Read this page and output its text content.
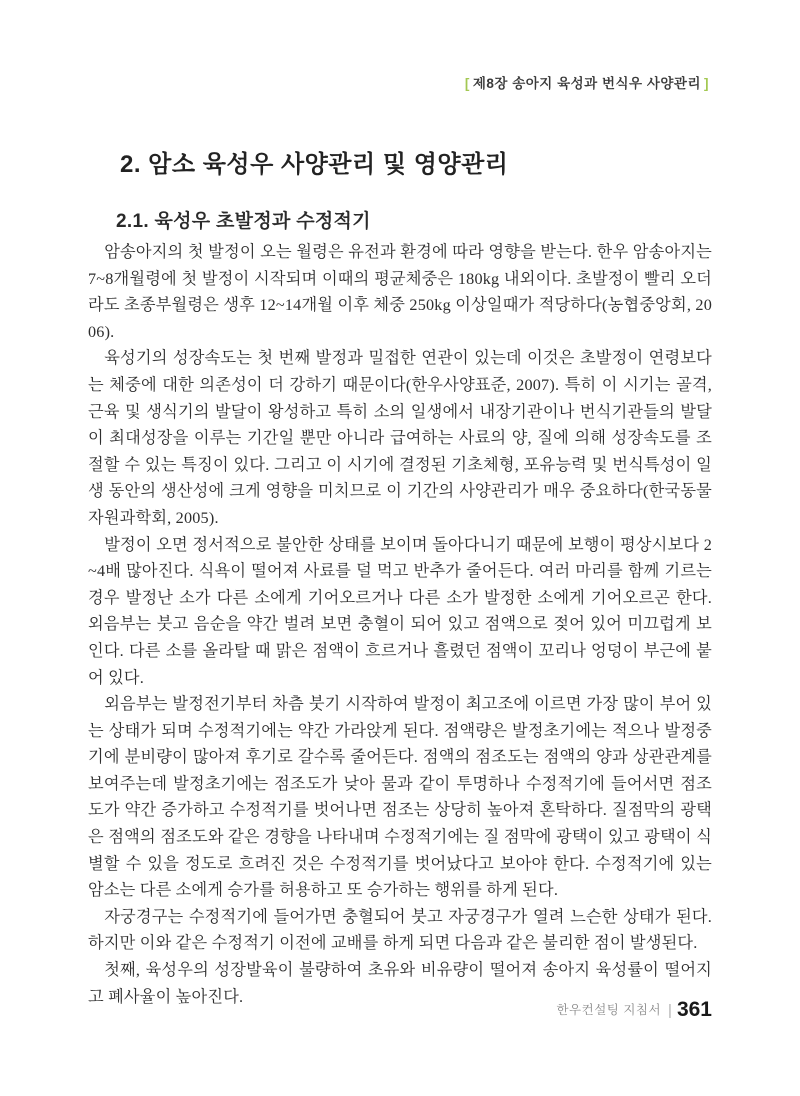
[ 제8장 송아지 육성과 번식우 사양관리 ]
2. 암소 육성우 사양관리 및 영양관리
2.1. 육성우 초발정과 수정적기

암송아지의 첫 발정이 오는 월령은 유전과 환경에 따라 영향을 받는다. 한우 암송아지는 7~8개월령에 첫 발정이 시작되며 이때의 평균체중은 180kg 내외이다. 초발정이 빨리 오더라도 초종부월령은 생후 12~14개월 이후 체중 250kg 이상일때가 적당하다(농협중앙회, 2006).

육성기의 성장속도는 첫 번째 발정과 밀접한 연관이 있는데 이것은 초발정이 연령보다는 체중에 대한 의존성이 더 강하기 때문이다(한우사양표준, 2007). 특히 이 시기는 골격, 근육 및 생식기의 발달이 왕성하고 특히 소의 일생에서 내장기관이나 번식기관들의 발달이 최대성장을 이루는 기간일 뿐만 아니라 급여하는 사료의 양, 질에 의해 성장속도를 조절할 수 있는 특징이 있다. 그리고 이 시기에 결정된 기초체형, 포유능력 및 번식특성이 일생 동안의 생산성에 크게 영향을 미치므로 이 기간의 사양관리가 매우 중요하다(한국동물자원과학회, 2005).

발정이 오면 정서적으로 불안한 상태를 보이며 돌아다니기 때문에 보행이 평상시보다 2~4배 많아진다. 식욕이 떨어져 사료를 덜 먹고 반추가 줄어든다. 여러 마리를 함께 기르는 경우 발정난 소가 다른 소에게 기어오르거나 다른 소가 발정한 소에게 기어오르곤 한다. 외음부는 붓고 음순을 약간 벌려 보면 충혈이 되어 있고 점액으로 젖어 있어 미끄럽게 보인다. 다른 소를 올라탈 때 맑은 점액이 흐르거나 흘렸던 점액이 꼬리나 엉덩이 부근에 붙어 있다.

외음부는 발정전기부터 차츰 붓기 시작하여 발정이 최고조에 이르면 가장 많이 부어 있는 상태가 되며 수정적기에는 약간 가라앉게 된다. 점액량은 발정초기에는 적으나 발정중기에 분비량이 많아져 후기로 갈수록 줄어든다. 점액의 점조도는 점액의 양과 상관관계를 보여주는데 발정초기에는 점조도가 낮아 물과 같이 투명하나 수정적기에 들어서면 점조도가 약간 증가하고 수정적기를 벗어나면 점조는 상당히 높아져 혼탁하다. 질점막의 광택은 점액의 점조도와 같은 경향을 나타내며 수정적기에는 질 점막에 광택이 있고 광택이 식별할 수 있을 정도로 흐려진 것은 수정적기를 벗어났다고 보아야 한다. 수정적기에 있는 암소는 다른 소에게 승가를 허용하고 또 승가하는 행위를 하게 된다.

자궁경구는 수정적기에 들어가면 충혈되어 붓고 자궁경구가 열려 느슨한 상태가 된다. 하지만 이와 같은 수정적기 이전에 교배를 하게 되면 다음과 같은 불리한 점이 발생된다.

첫째, 육성우의 성장발육이 불량하여 초유와 비유량이 떨어져 송아지 육성률이 떨어지고 폐사율이 높아진다.

한우컨설팅 지침서 | 361
